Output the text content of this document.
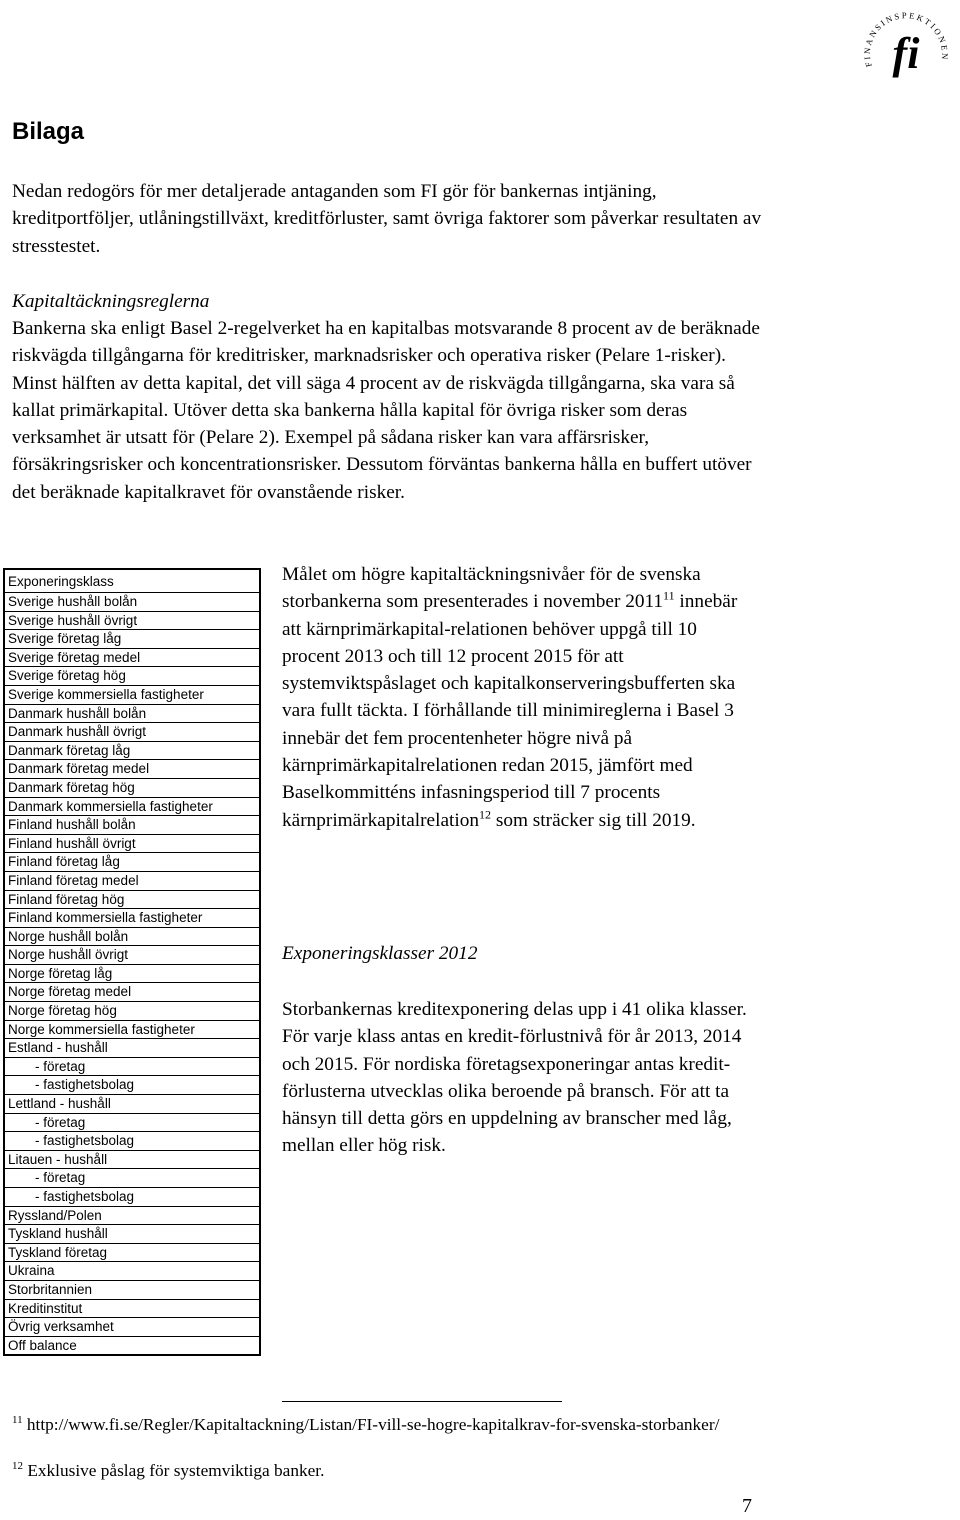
FINANSINSPEKTIONEN
fi
Bilaga

Nedan redogörs för mer detaljerade antaganden som FI gör för bankernas intjäning, kreditportföljer, utlåningstillväxt, kreditförluster, samt övriga faktorer som påverkar resultaten av stresstestet.

Kapitaltäckningsreglerna

Bankerna ska enligt Basel 2-regelverket ha en kapitalbas motsvarande 8 procent av de beräknade riskvägda tillgångarna för kreditrisker, marknadsrisker och operativa risker (Pelare 1-risker). Minst hälften av detta kapital, det vill säga 4 procent av de riskvägda tillgångarna, ska vara så kallat primärkapital. Utöver detta ska bankerna hålla kapital för övriga risker som deras verksamhet är utsatt för (Pelare 2). Exempel på sådana risker kan vara affärsrisker, försäkringsrisker och koncentrationsrisker. Dessutom förväntas bankerna hålla en buffert utöver det beräknade kapitalkravet för ovanstående risker.

Exponeringsklass
Sverige hushåll bolån
Sverige hushåll övrigt
Sverige företag låg
Sverige företag medel
Sverige företag hög
Sverige kommersiella fastigheter
Danmark hushåll bolån
Danmark hushåll övrigt
Danmark företag låg
Danmark företag medel
Danmark företag hög
Danmark kommersiella fastigheter
Finland hushåll bolån
Finland hushåll övrigt
Finland företag låg
Finland företag medel
Finland företag hög
Finland kommersiella fastigheter
Norge hushåll bolån
Norge hushåll övrigt
Norge företag låg
Norge företag medel
Norge företag hög
Norge kommersiella fastigheter
Estland - hushåll
- företag
- fastighetsbolag
Lettland - hushåll
- företag
- fastighetsbolag
Litauen - hushåll
- företag
- fastighetsbolag
Ryssland/Polen
Tyskland hushåll
Tyskland företag
Ukraina
Storbritannien
Kreditinstitut
Övrig verksamhet
Off balance

Målet om högre kapitaltäckningsnivåer för de svenska storbankerna som presenterades i november 2011$^{11}$ innebär att kärnprimärkapital-relationen behöver uppgå till 10 procent 2013 och till 12 procent 2015 för att systemviktspåslaget och kapitalkonserveringsbufferten ska vara fullt täckta. I förhållande till minimireglerna i Basel 3 innebär det fem procentenheter högre nivå på kärnprimärkapitalrelationen redan 2015, jämfört med Baselkommitténs infasningsperiod till 7 procents kärnprimärkapitalrelation$^{12}$ som sträcker sig till 2019.

Exponeringsklasser 2012

Storbankernas kreditexponering delas upp i 41 olika klasser. För varje klass antas en kredit-förlustnivå för år 2013, 2014 och 2015. För nordiska företagsexponeringar antas kredit-förlusterna utvecklas olika beroende på bransch. För att ta hänsyn till detta görs en uppdelning av branscher med låg, mellan eller hög risk.

$^{11}$ http://www.fi.se/Regler/Kapitaltackning/Listan/FI-vill-se-hogre-kapitalkrav-for-svenska-storbanker/

$^{12}$ Exklusive påslag för systemviktiga banker.

7
